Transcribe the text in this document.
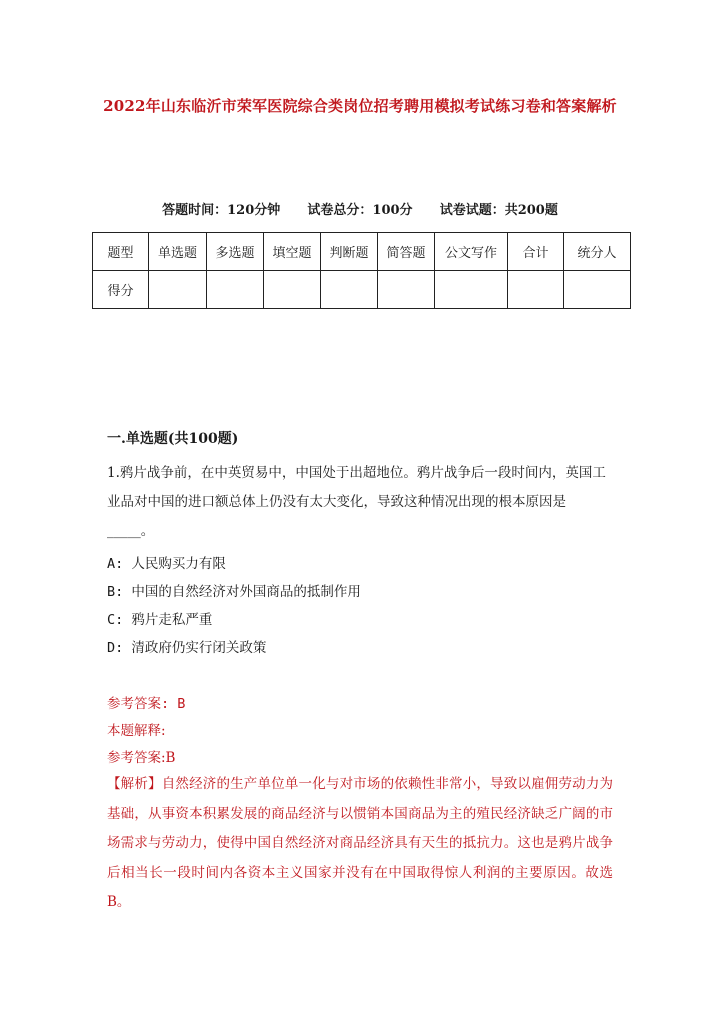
2022年山东临沂市荣军医院综合类岗位招考聘用模拟考试练习卷和答案解析
答题时间：120分钟 试卷总分：100分 试卷试题：共200题
题型	单选题	多选题	填空题	判断题	简答题	公文写作	合计	统分人
得分								
一.单选题(共100题)
1.鸦片战争前，在中英贸易中，中国处于出超地位。鸦片战争后一段时间内，英国工业品对中国的进口额总体上仍没有太大变化，导致这种情况出现的根本原因是_____。
A: 人民购买力有限
B: 中国的自然经济对外国商品的抵制作用
C: 鸦片走私严重
D: 清政府仍实行闭关政策
参考答案: B
本题解释:
参考答案:B
【解析】自然经济的生产单位单一化与对市场的依赖性非常小，导致以雇佣劳动力为基础，从事资本积累发展的商品经济与以惯销本国商品为主的殖民经济缺乏广阔的市场需求与劳动力，使得中国自然经济对商品经济具有天生的抵抗力。这也是鸦片战争后相当长一段时间内各资本主义国家并没有在中国取得惊人利润的主要原因。故选B。
